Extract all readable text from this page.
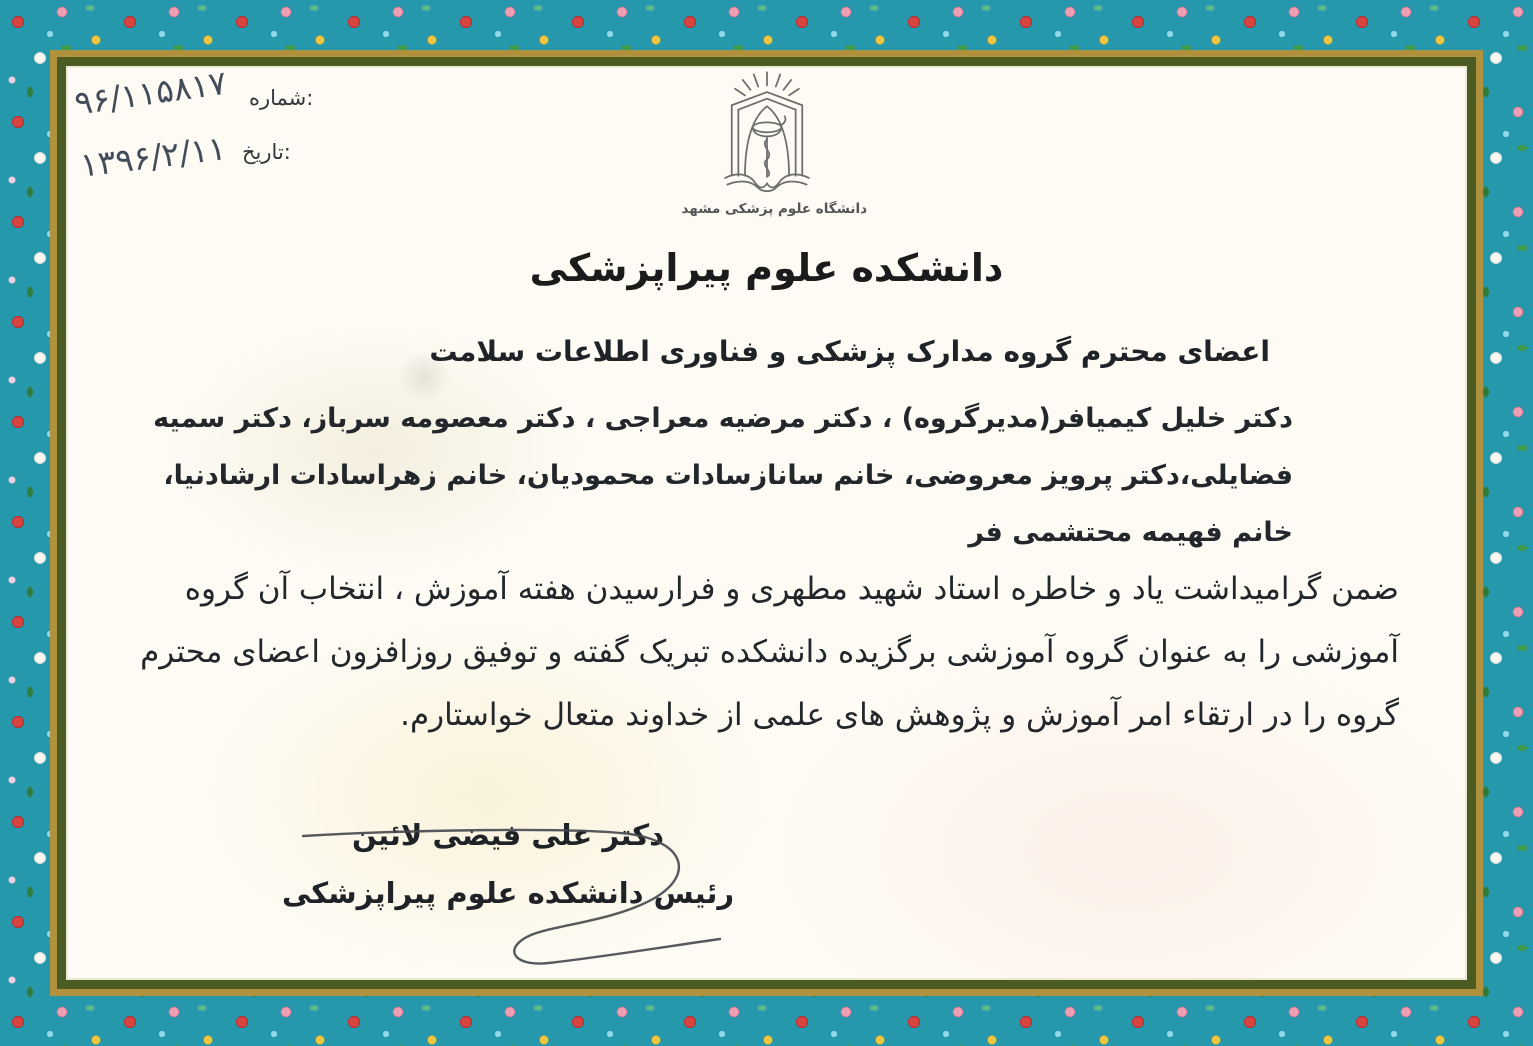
شماره:
۹۶/۱۱۵۸۱۷
تاریخ:
۱۳۹۶/۲/۱۱
دانشگاه علوم پزشکی مشهد
دانشکده علوم پیراپزشکی
اعضای محترم گروه مدارک پزشکی و فناوری اطلاعات سلامت
دکتر خلیل کیمیافر(مدیرگروه) ، دکتر مرضیه معراجی ، دکتر معصومه سرباز، دکتر سمیه فضایلی،دکتر پرویز معروضی، خانم سانازسادات محمودیان، خانم زهراسادات ارشادنیا، خانم فهیمه محتشمی فر
ضمن گرامیداشت یاد و خاطره استاد شهید مطهری و فرارسیدن هفته آموزش ، انتخاب آن گروه آموزشی را به عنوان گروه آموزشی برگزیده دانشکده تبریک گفته و توفیق روزافزون اعضای محترم گروه را در ارتقاء امر آموزش و پژوهش های علمی از خداوند متعال خواستارم.
دکتر علی فیضی لائین
رئیس دانشکده علوم پیراپزشکی
